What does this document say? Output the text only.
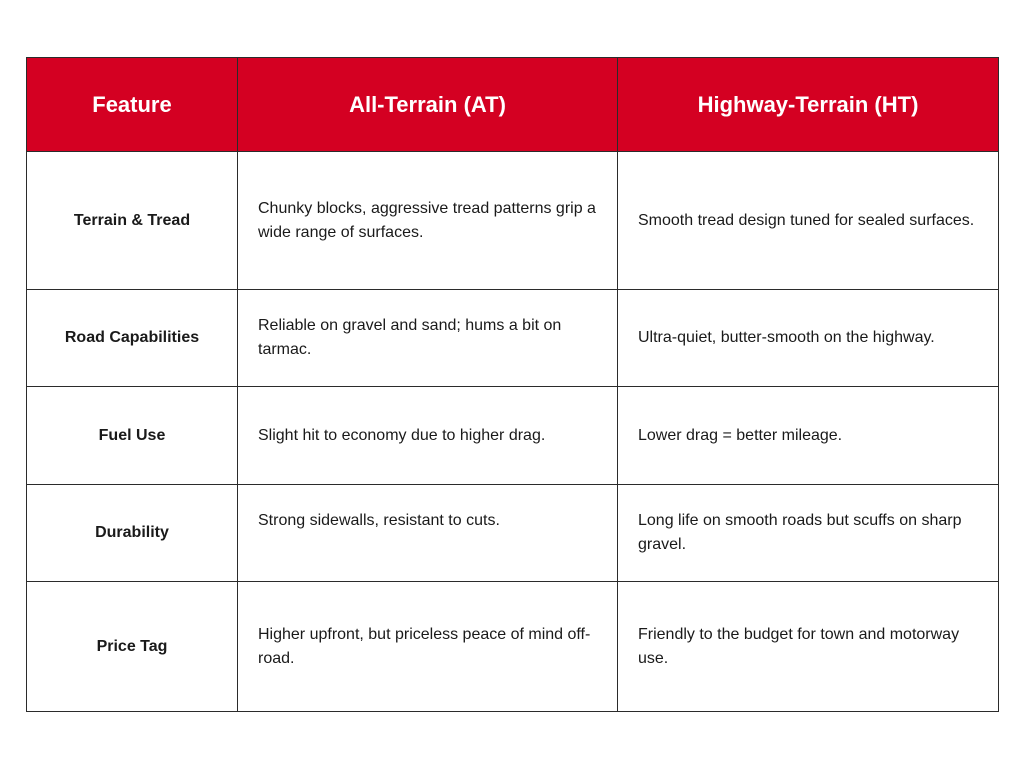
Feature	All-Terrain (AT)	Highway-Terrain (HT)

Terrain & Tread	Chunky blocks, aggressive tread patterns grip a wide range of surfaces.	Smooth tread design tuned for sealed surfaces.

Road Capabilities	Reliable on gravel and sand; hums a bit on tarmac.	Ultra-quiet, butter-smooth on the highway.

Fuel Use	Slight hit to economy due to higher drag.	Lower drag = better mileage.

Durability	Strong sidewalls, resistant to cuts.	Long life on smooth roads but scuffs on sharp gravel.

Price Tag	Higher upfront, but priceless peace of mind off-road.	Friendly to the budget for town and motorway use.
